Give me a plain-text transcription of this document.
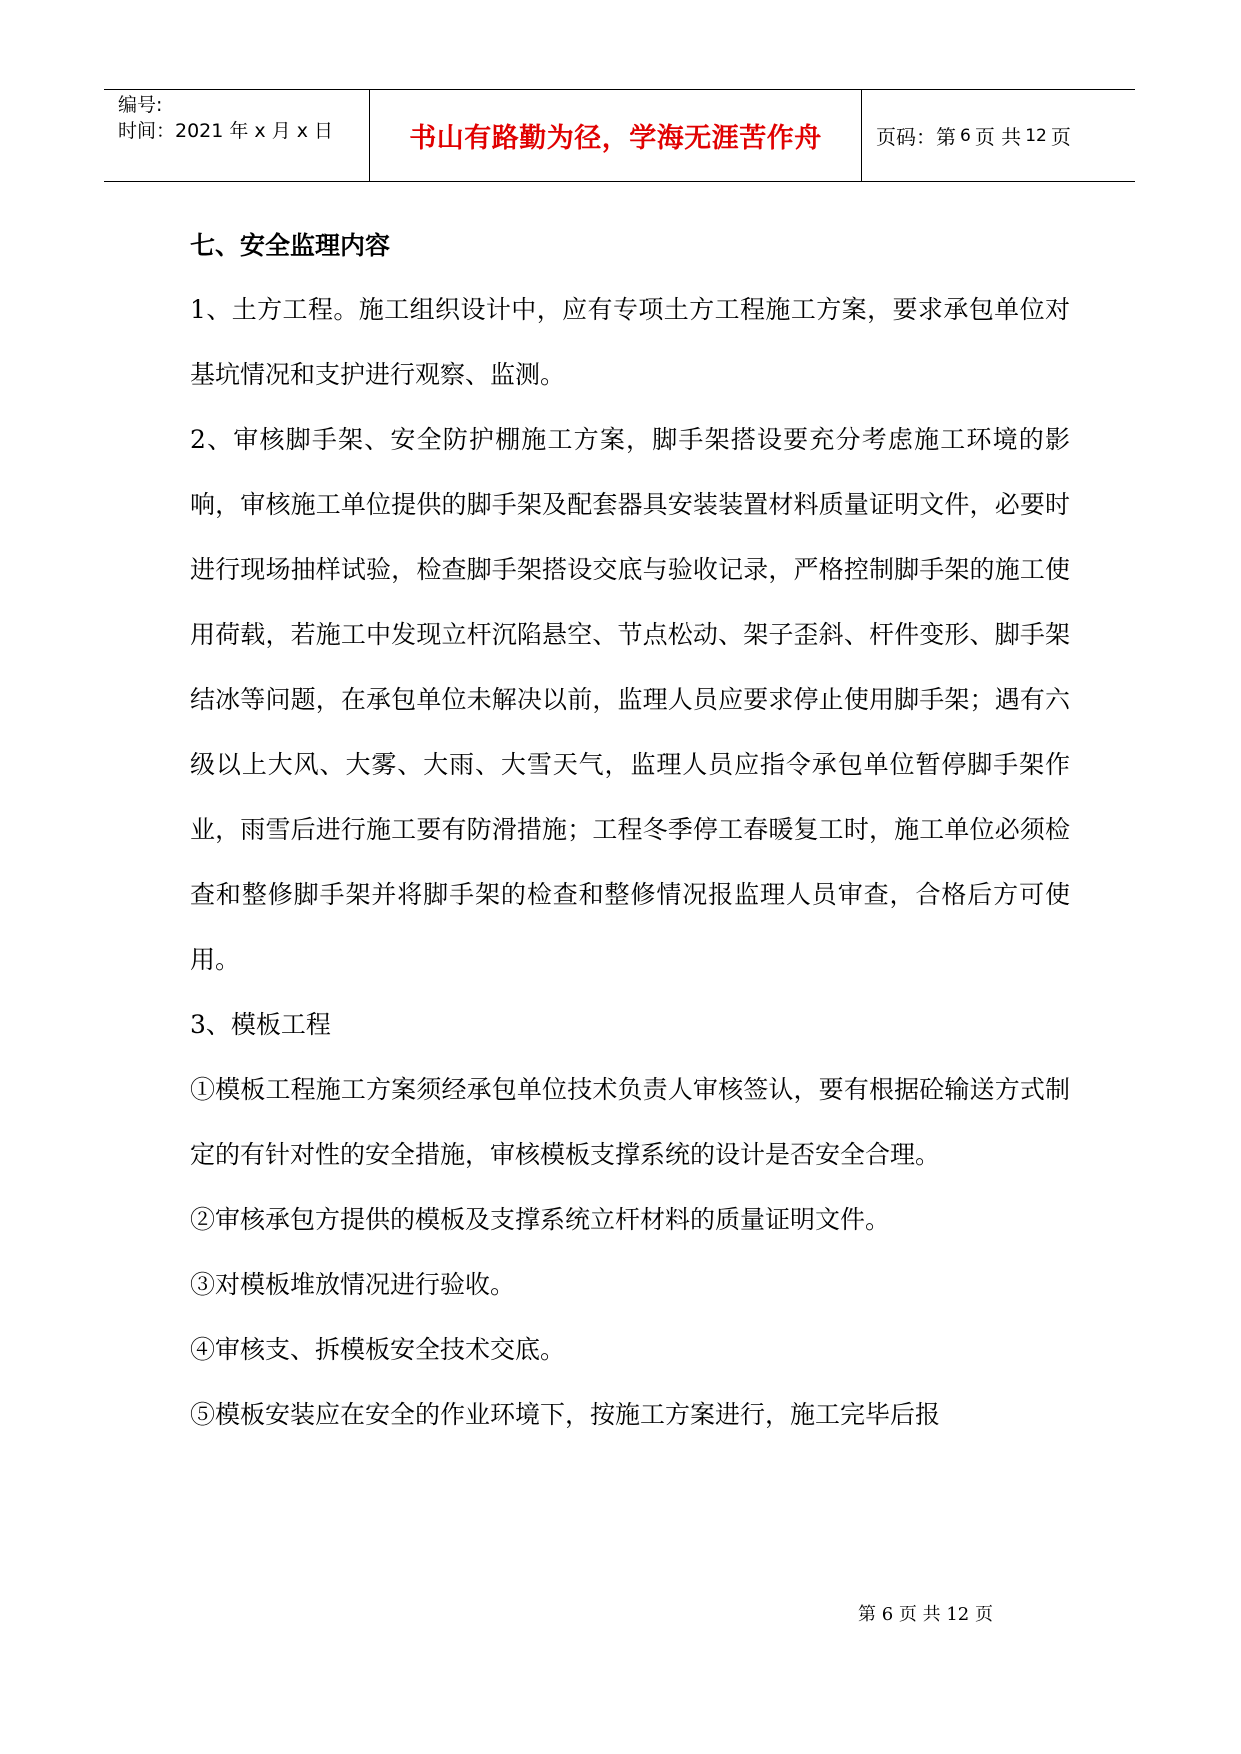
编号:
时间：2021 年 x 月 x 日	书山有路勤为径，学海无涯苦作舟	页码：第 6 页 共 12 页
七、安全监理内容

1、土方工程。施工组织设计中，应有专项土方工程施工方案，要求承包单位对基坑情况和支护进行观察、监测。

2、审核脚手架、安全防护棚施工方案，脚手架搭设要充分考虑施工环境的影响，审核施工单位提供的脚手架及配套器具安装装置材料质量证明文件，必要时进行现场抽样试验，检查脚手架搭设交底与验收记录，严格控制脚手架的施工使用荷载，若施工中发现立杆沉陷悬空、节点松动、架子歪斜、杆件变形、脚手架结冰等问题，在承包单位未解决以前，监理人员应要求停止使用脚手架；遇有六级以上大风、大雾、大雨、大雪天气，监理人员应指令承包单位暂停脚手架作业，雨雪后进行施工要有防滑措施；工程冬季停工春暖复工时，施工单位必须检查和整修脚手架并将脚手架的检查和整修情况报监理人员审查，合格后方可使用。

3、模板工程

①模板工程施工方案须经承包单位技术负责人审核签认，要有根据砼输送方式制定的有针对性的安全措施，审核模板支撑系统的设计是否安全合理。

②审核承包方提供的模板及支撑系统立杆材料的质量证明文件。

③对模板堆放情况进行验收。

④审核支、拆模板安全技术交底。

⑤模板安装应在安全的作业环境下，按施工方案进行，施工完毕后报

第 6 页 共 12 页
